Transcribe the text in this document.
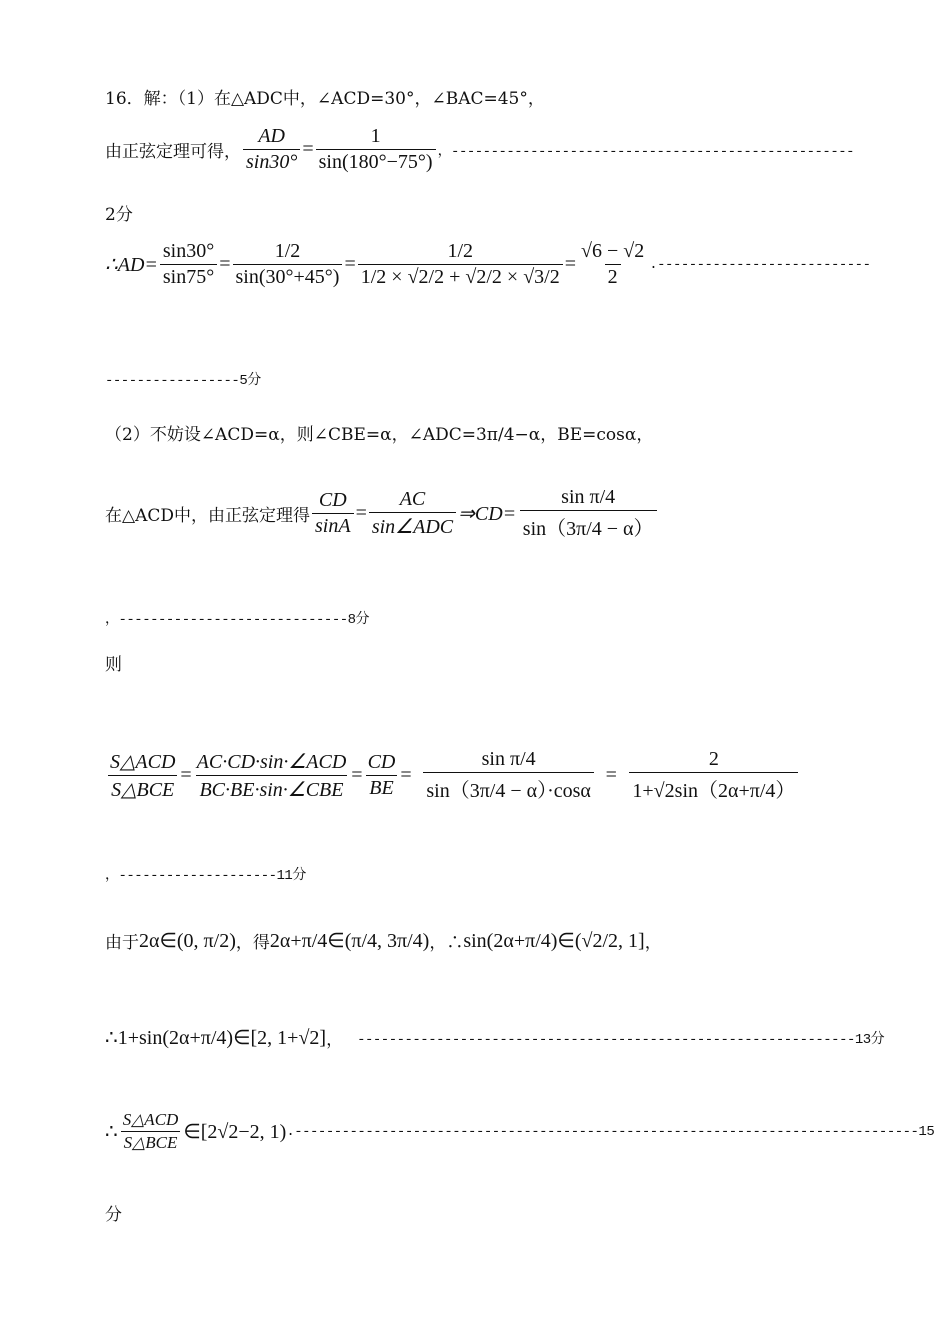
16．解：（1）在△ADC中，∠ACD=30°，∠BAC=45°，
由正弦定理可得， $\frac{AD}{\sin 30^\circ} = \frac{1}{\sin(180^\circ-75^\circ)}$ ，---------------------------------------------------
2分
∴AD= $\frac{\sin 30^\circ}{\sin 75^\circ} = \frac{1/2}{\sin(30^\circ+45^\circ)} = \frac{1/2}{1/2 \times √2/2 + √2/2 \times √3/2} = \frac{√6 - √2}{2}$ .---------------------------
-----------------5分
（2）不妨设∠ACD=α，则∠CBE=α，∠ADC=3π/4−α，BE=cosα，
在△ACD中，由正弦定理得 $\frac{CD}{\sin A} = \frac{AC}{\text{sin∠ADC}}$ ⇒CD= $\frac{\text{sin π/4}}{\sin(3\pi/4 - \alpha)}$
，-----------------------------8分
则
$\frac{\text{S△ACD}}{\text{S△BCE}} = \frac{\text{AC·CD·sin·∠ACD}}{\text{BC·BE·sin·∠CBE}} = \frac{CD}{BE} = \frac{\text{sin π/4}}{\sin(3\pi/4 - \alpha)\cdot\cos\alpha} = \frac{2}{1+√2\sin(2\alpha+\pi/4)}$
，--------------------11分
由于 2α∈(0, π/2) ，得 2α+π/4∈(π/4, 3π/4) ，∴ sin(2α+π/4)∈(√2/2, 1] ，
∴ 1+sin(2α+π/4)∈[2, 1+√2] ， ---------------------------------------------------------------13分
∴ $\frac{\text{S△ACD}}{\text{S△BCE}}$ ∈[2√2−2, 1) .-------------------------------------------------------------------------------15
分
